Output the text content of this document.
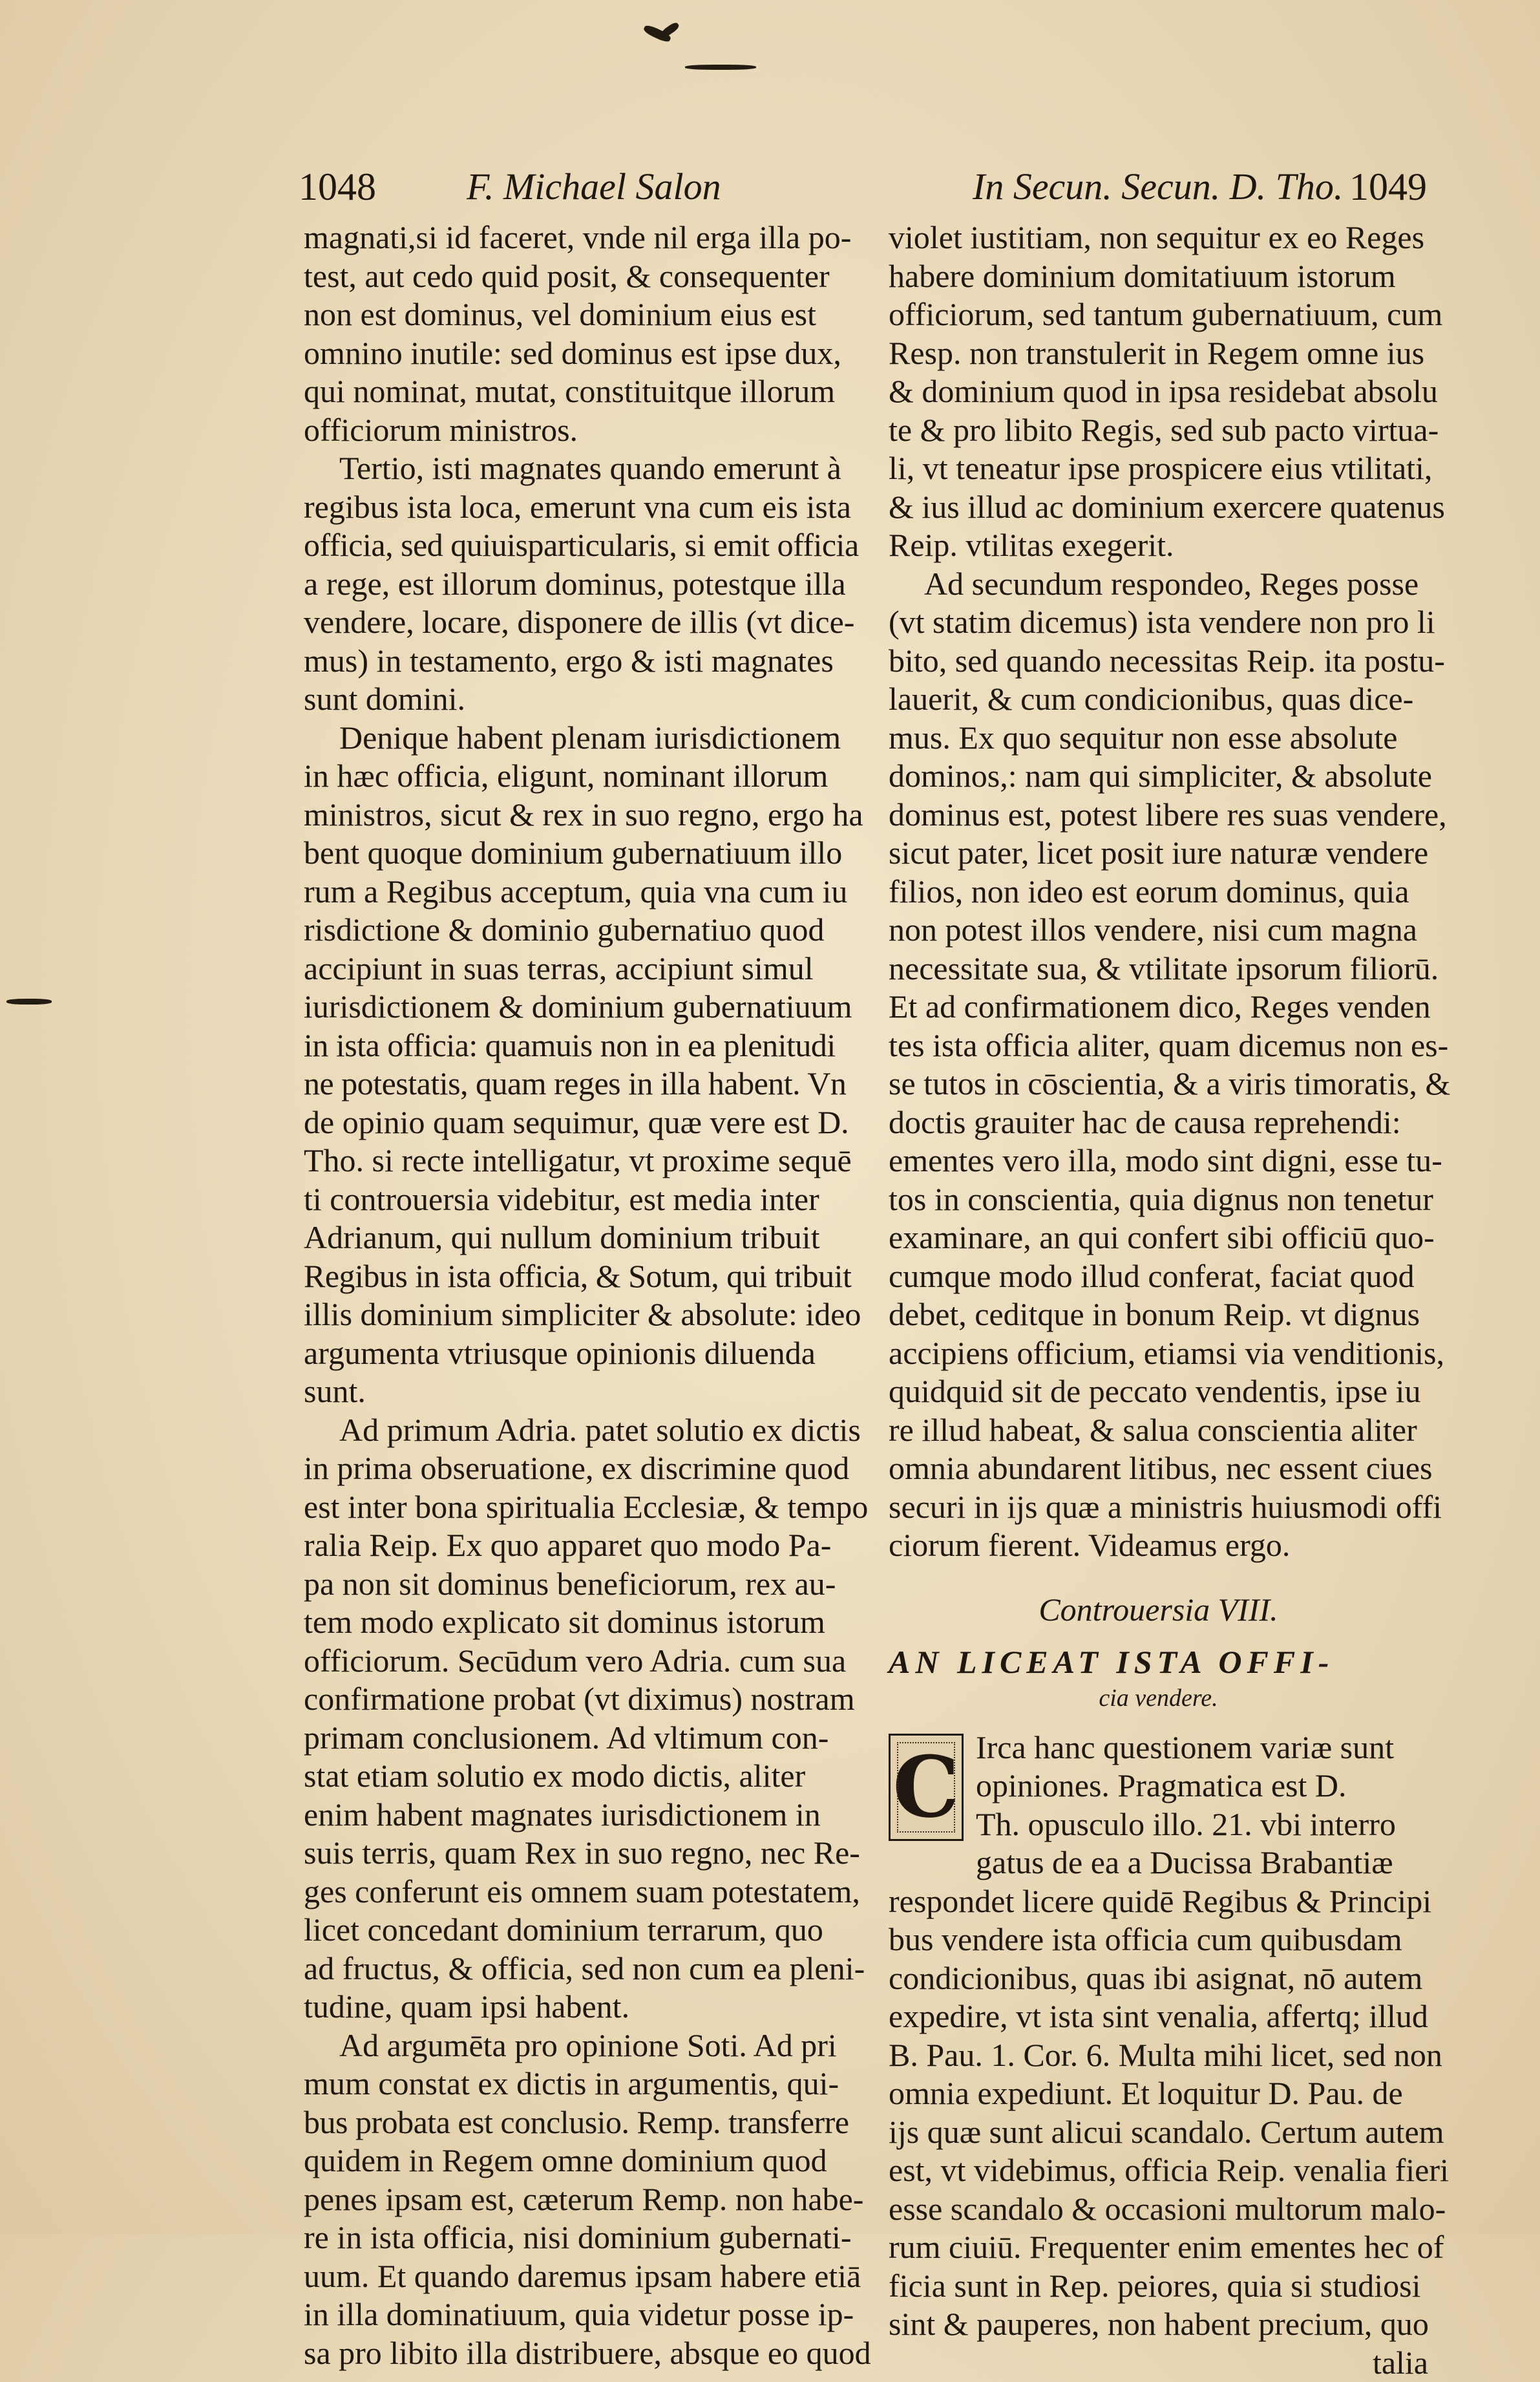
1048 F. Michael Salon	In Secun. Secun. D. Tho. 1049
magnati,si id faceret, vnde nil erga illa po-
test, aut cedo quid posit, & consequenter
non est dominus, vel dominium eius est
omnino inutile: sed dominus est ipse dux,
qui nominat, mutat, constituitque illorum
officiorum ministros.
Tertio, isti magnates quando emerunt à
regibus ista loca, emerunt vna cum eis ista
officia, sed quiuisparticularis, si emit officia
a rege, est illorum dominus, potestque illa
vendere, locare, disponere de illis (vt dice-
mus) in testamento, ergo & isti magnates
sunt domini.
Denique habent plenam iurisdictionem
in hæc officia, eligunt, nominant illorum
ministros, sicut & rex in suo regno, ergo ha
bent quoque dominium gubernatiuum illo
rum a Regibus acceptum, quia vna cum iu
risdictione & dominio gubernatiuo quod
accipiunt in suas terras, accipiunt simul
iurisdictionem & dominium gubernatiuum
in ista officia: quamuis non in ea plenitudi
ne potestatis, quam reges in illa habent. Vn
de opinio quam sequimur, quæ vere est D.
Tho. si recte intelligatur, vt proxime sequē
ti controuersia videbitur, est media inter
Adrianum, qui nullum dominium tribuit
Regibus in ista officia, & Sotum, qui tribuit
illis dominium simpliciter & absolute: ideo
argumenta vtriusque opinionis diluenda
sunt.
Ad primum Adria. patet solutio ex dictis
in prima obseruatione, ex discrimine quod
est inter bona spiritualia Ecclesiæ, & tempo
ralia Reip. Ex quo apparet quo modo Pa-
pa non sit dominus beneficiorum, rex au-
tem modo explicato sit dominus istorum
officiorum. Secūdum vero Adria. cum sua
confirmatione probat (vt diximus) nostram
primam conclusionem. Ad vltimum con-
stat etiam solutio ex modo dictis, aliter
enim habent magnates iurisdictionem in
suis terris, quam Rex in suo regno, nec Re-
ges conferunt eis omnem suam potestatem,
licet concedant dominium terrarum, quo
ad fructus, & officia, sed non cum ea pleni-
tudine, quam ipsi habent.
Ad argumēta pro opinione Soti. Ad pri
mum constat ex dictis in argumentis, qui-
bus probata est conclusio. Remp. transferre
quidem in Regem omne dominium quod
penes ipsam est, cæterum Remp. non habe-
re in ista officia, nisi dominium gubernati-
uum. Et quando daremus ipsam habere etiā
in illa dominatiuum, quia videtur posse ip-
sa pro libito illa distribuere, absque eo quod
violet iustitiam, non sequitur ex eo Reges
habere dominium domitatiuum istorum
officiorum, sed tantum gubernatiuum, cum
Resp. non transtulerit in Regem omne ius
& dominium quod in ipsa residebat absolu
te & pro libito Regis, sed sub pacto virtua-
li, vt teneatur ipse prospicere eius vtilitati,
& ius illud ac dominium exercere quatenus
Reip. vtilitas exegerit.
Ad secundum respondeo, Reges posse
(vt statim dicemus) ista vendere non pro li
bito, sed quando necessitas Reip. ita postu-
lauerit, & cum condicionibus, quas dice-
mus. Ex quo sequitur non esse absolute
dominos,: nam qui simpliciter, & absolute
dominus est, potest libere res suas vendere,
sicut pater, licet posit iure naturæ vendere
filios, non ideo est eorum dominus, quia
non potest illos vendere, nisi cum magna
necessitate sua, & vtilitate ipsorum filiorū.
Et ad confirmationem dico, Reges venden
tes ista officia aliter, quam dicemus non es-
se tutos in cōscientia, & a viris timoratis, &
doctis grauiter hac de causa reprehendi:
ementes vero illa, modo sint digni, esse tu-
tos in conscientia, quia dignus non tenetur
examinare, an qui confert sibi officiū quo-
cumque modo illud conferat, faciat quod
debet, ceditque in bonum Reip. vt dignus
accipiens officium, etiamsi via venditionis,
quidquid sit de peccato vendentis, ipse iu
re illud habeat, & salua conscientia aliter
omnia abundarent litibus, nec essent ciues
securi in ijs quæ a ministris huiusmodi offi
ciorum fierent. Videamus ergo.
Controuersia VIII.
AN LICEAT ISTA OFFI-
cia vendere.
C Irca hanc questionem variæ sunt
opiniones. Pragmatica est D.
Th. opusculo illo. 21. vbi interro
gatus de ea a Ducissa Brabantiæ
respondet licere quidē Regibus & Principi
bus vendere ista officia cum quibusdam
condicionibus, quas ibi asignat, nō autem
expedire, vt ista sint venalia, affertq; illud
B. Pau. 1. Cor. 6. Multa mihi licet, sed non
omnia expediunt. Et loquitur D. Pau. de
ijs quæ sunt alicui scandalo. Certum autem
est, vt videbimus, officia Reip. venalia fieri
esse scandalo & occasioni multorum malo-
rum ciuiū. Frequenter enim ementes hec of
ficia sunt in Rep. peiores, quia si studiosi
sint & pauperes, non habent precium, quo
talia
